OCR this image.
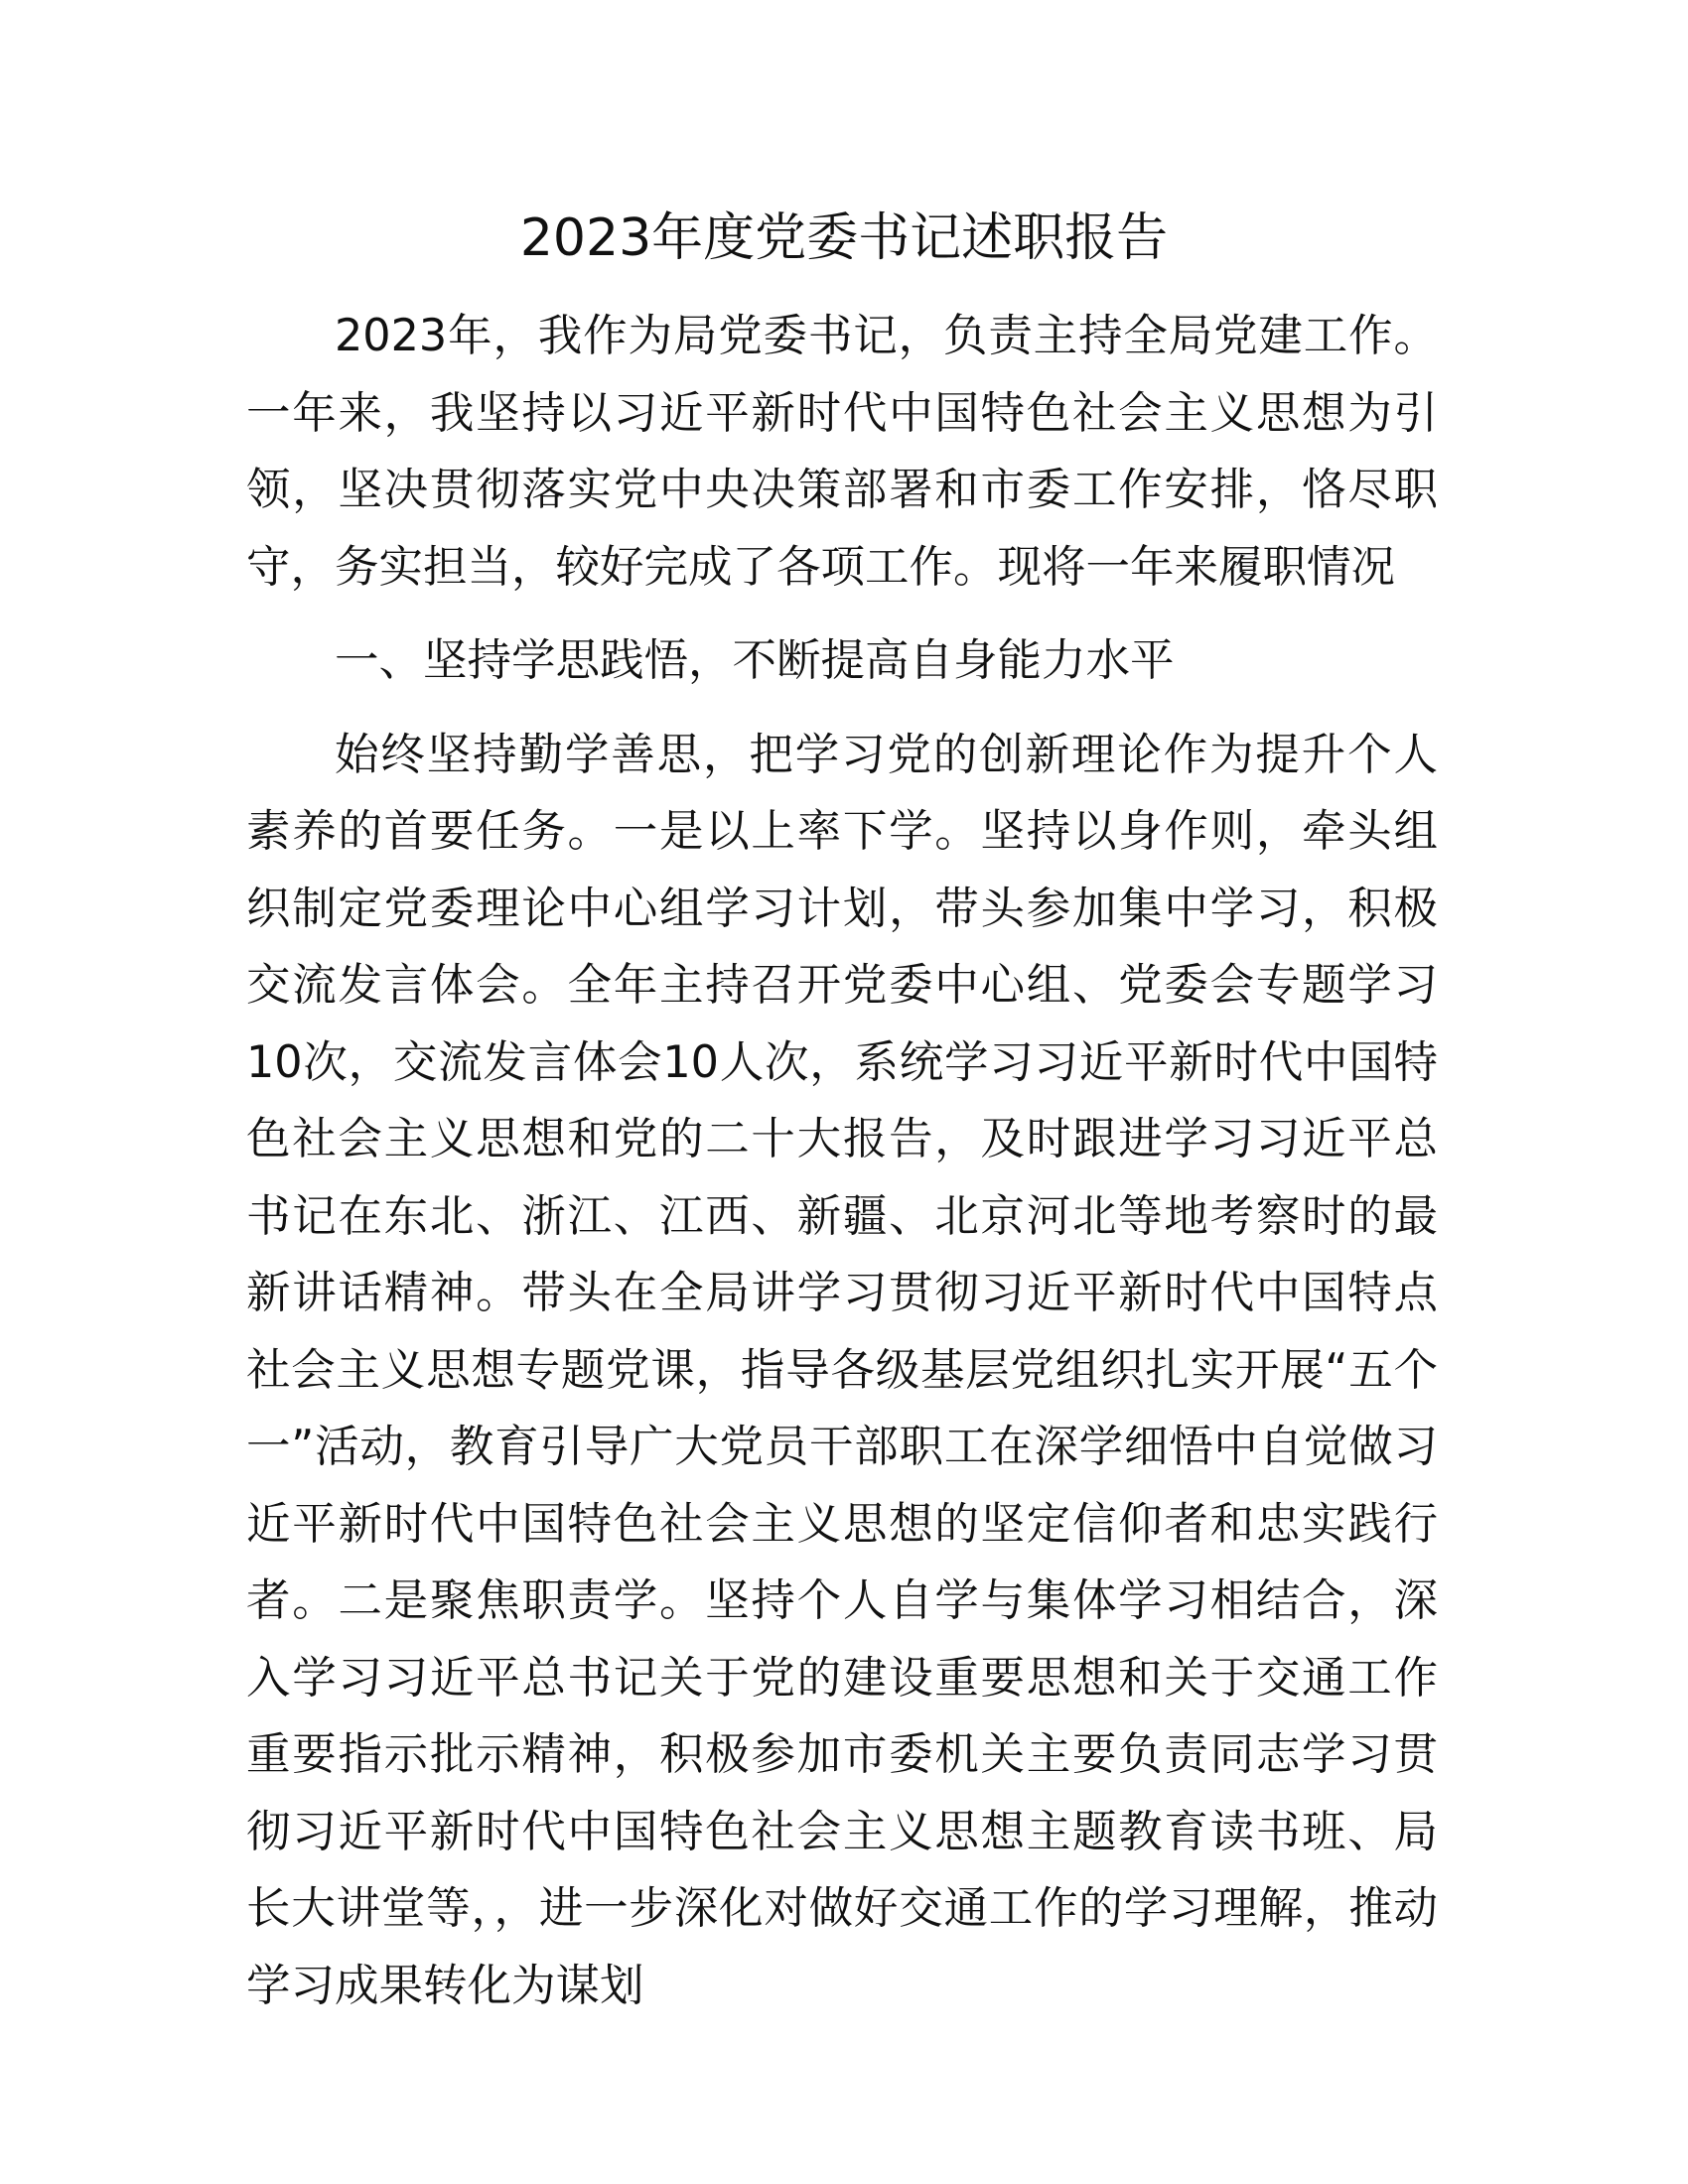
2023年度党委书记述职报告

2023年，我作为局党委书记，负责主持全局党建工作。一年来，我坚持以习近平新时代中国特色社会主义思想为引领，坚决贯彻落实党中央决策部署和市委工作安排，恪尽职守，务实担当，较好完成了各项工作。现将一年来履职情况

一、坚持学思践悟，不断提高自身能力水平

始终坚持勤学善思，把学习党的创新理论作为提升个人素养的首要任务。一是以上率下学。坚持以身作则，牵头组织制定党委理论中心组学习计划，带头参加集中学习，积极交流发言体会。全年主持召开党委中心组、党委会专题学习10次，交流发言体会10人次，系统学习习近平新时代中国特色社会主义思想和党的二十大报告，及时跟进学习习近平总书记在东北、浙江、江西、新疆、北京河北等地考察时的最新讲话精神。带头在全局讲学习贯彻习近平新时代中国特点社会主义思想专题党课，指导各级基层党组织扎实开展“五个一”活动，教育引导广大党员干部职工在深学细悟中自觉做习近平新时代中国特色社会主义思想的坚定信仰者和忠实践行者。二是聚焦职责学。坚持个人自学与集体学习相结合，深入学习习近平总书记关于党的建设重要思想和关于交通工作重要指示批示精神，积极参加市委机关主要负责同志学习贯彻习近平新时代中国特色社会主义思想主题教育读书班、局长大讲堂等，，进一步深化对做好交通工作的学习理解，推动学习成果转化为谋划
